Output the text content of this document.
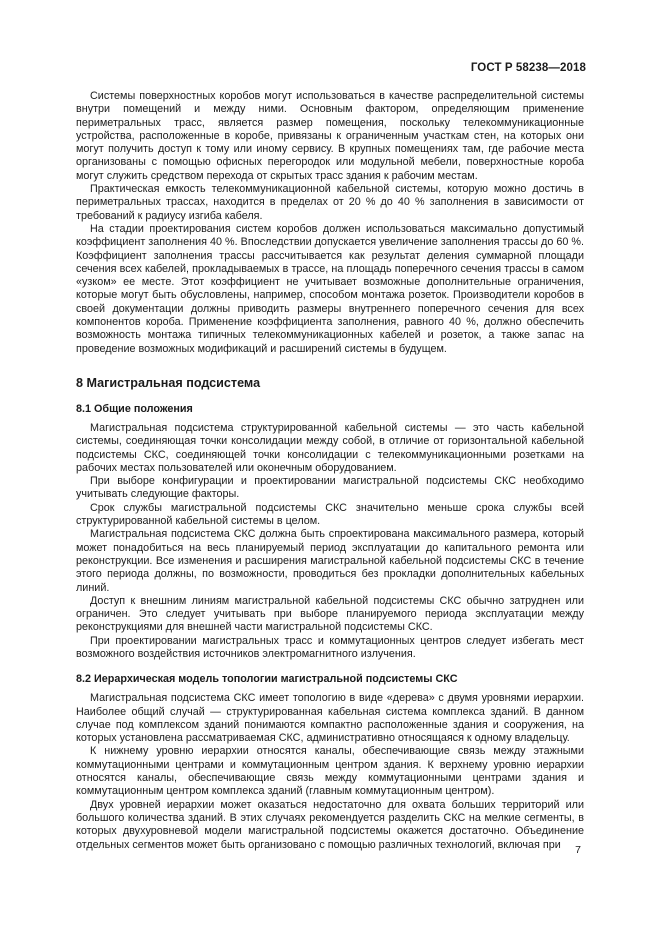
ГОСТ Р 58238—2018

Системы поверхностных коробов могут использоваться в качестве распределительной системы внутри помещений и между ними. Основным фактором, определяющим применение периметральных трасс, является размер помещения, поскольку телекоммуникационные устройства, расположенные в коробе, привязаны к ограниченным участкам стен, на которых они могут получить доступ к тому или иному сервису. В крупных помещениях там, где рабочие места организованы с помощью офисных перегородок или модульной мебели, поверхностные короба могут служить средством перехода от скрытых трасс здания к рабочим местам.

Практическая емкость телекоммуникационной кабельной системы, которую можно достичь в периметральных трассах, находится в пределах от 20 % до 40 % заполнения в зависимости от требований к радиусу изгиба кабеля.

На стадии проектирования систем коробов должен использоваться максимально допустимый коэффициент заполнения 40 %. Впоследствии допускается увеличение заполнения трассы до 60 %. Коэффициент заполнения трассы рассчитывается как результат деления суммарной площади сечения всех кабелей, прокладываемых в трассе, на площадь поперечного сечения трассы в самом «узком» ее месте. Этот коэффициент не учитывает возможные дополнительные ограничения, которые могут быть обусловлены, например, способом монтажа розеток. Производители коробов в своей документации должны приводить размеры внутреннего поперечного сечения для всех компонентов короба. Применение коэффициента заполнения, равного 40 %, должно обеспечить возможность монтажа типичных телекоммуникационных кабелей и розеток, а также запас на проведение возможных модификаций и расширений системы в будущем.

8 Магистральная подсистема
8.1 Общие положения

Магистральная подсистема структурированной кабельной системы — это часть кабельной системы, соединяющая точки консолидации между собой, в отличие от горизонтальной кабельной подсистемы СКС, соединяющей точки консолидации с телекоммуникационными розетками на рабочих местах пользователей или оконечным оборудованием.

При выборе конфигурации и проектировании магистральной подсистемы СКС необходимо учитывать следующие факторы.

Срок службы магистральной подсистемы СКС значительно меньше срока службы всей структурированной кабельной системы в целом.

Магистральная подсистема СКС должна быть спроектирована максимального размера, который может понадобиться на весь планируемый период эксплуатации до капитального ремонта или реконструкции. Все изменения и расширения магистральной кабельной подсистемы СКС в течение этого периода должны, по возможности, проводиться без прокладки дополнительных кабельных линий.

Доступ к внешним линиям магистральной кабельной подсистемы СКС обычно затруднен или ограничен. Это следует учитывать при выборе планируемого периода эксплуатации между реконструкциями для внешней части магистральной подсистемы СКС.

При проектировании магистральных трасс и коммутационных центров следует избегать мест возможного воздействия источников электромагнитного излучения.

8.2 Иерархическая модель топологии магистральной подсистемы СКС

Магистральная подсистема СКС имеет топологию в виде «дерева» с двумя уровнями иерархии. Наиболее общий случай — структурированная кабельная система комплекса зданий. В данном случае под комплексом зданий понимаются компактно расположенные здания и сооружения, на которых установлена рассматриваемая СКС, административно относящаяся к одному владельцу.

К нижнему уровню иерархии относятся каналы, обеспечивающие связь между этажными коммутационными центрами и коммутационным центром здания. К верхнему уровню иерархии относятся каналы, обеспечивающие связь между коммутационными центрами здания и коммутационным центром комплекса зданий (главным коммутационным центром).

Двух уровней иерархии может оказаться недостаточно для охвата больших территорий или большого количества зданий. В этих случаях рекомендуется разделить СКС на мелкие сегменты, в которых двухуровневой модели магистральной подсистемы окажется достаточно. Объединение отдельных сегментов может быть организовано с помощью различных технологий, включая при	7
